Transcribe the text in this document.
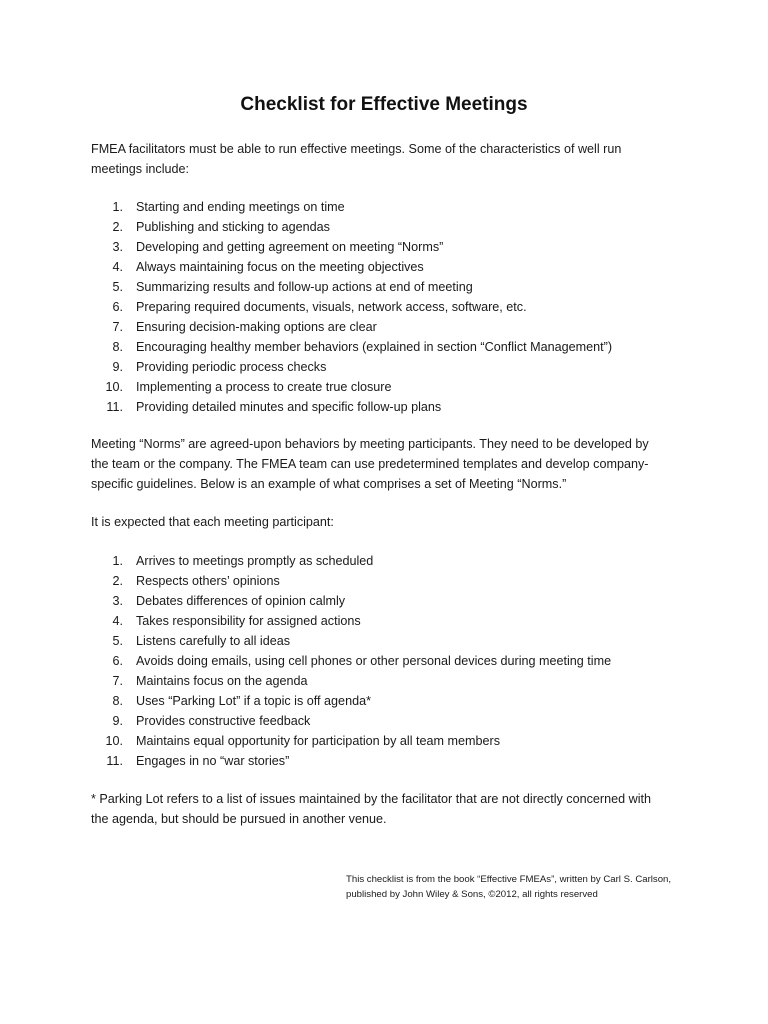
Checklist for Effective Meetings
FMEA facilitators must be able to run effective meetings. Some of the characteristics of well run meetings include:
1. Starting and ending meetings on time
2. Publishing and sticking to agendas
3. Developing and getting agreement on meeting “Norms”
4. Always maintaining focus on the meeting objectives
5. Summarizing results and follow-up actions at end of meeting
6. Preparing required documents, visuals, network access, software, etc.
7. Ensuring decision-making options are clear
8. Encouraging healthy member behaviors (explained in section “Conflict Management”)
9. Providing periodic process checks
10. Implementing a process to create true closure
11. Providing detailed minutes and specific follow-up plans
Meeting “Norms” are agreed-upon behaviors by meeting participants. They need to be developed by the team or the company. The FMEA team can use predetermined templates and develop company-specific guidelines. Below is an example of what comprises a set of Meeting “Norms.”
It is expected that each meeting participant:
1. Arrives to meetings promptly as scheduled
2. Respects others’ opinions
3. Debates differences of opinion calmly
4. Takes responsibility for assigned actions
5. Listens carefully to all ideas
6. Avoids doing emails, using cell phones or other personal devices during meeting time
7. Maintains focus on the agenda
8. Uses “Parking Lot” if a topic is off agenda*
9. Provides constructive feedback
10. Maintains equal opportunity for participation by all team members
11. Engages in no “war stories”
* Parking Lot refers to a list of issues maintained by the facilitator that are not directly concerned with the agenda, but should be pursued in another venue.
This checklist is from the book “Effective FMEAs”, written by Carl S. Carlson, published by John Wiley & Sons, ©2012, all rights reserved
